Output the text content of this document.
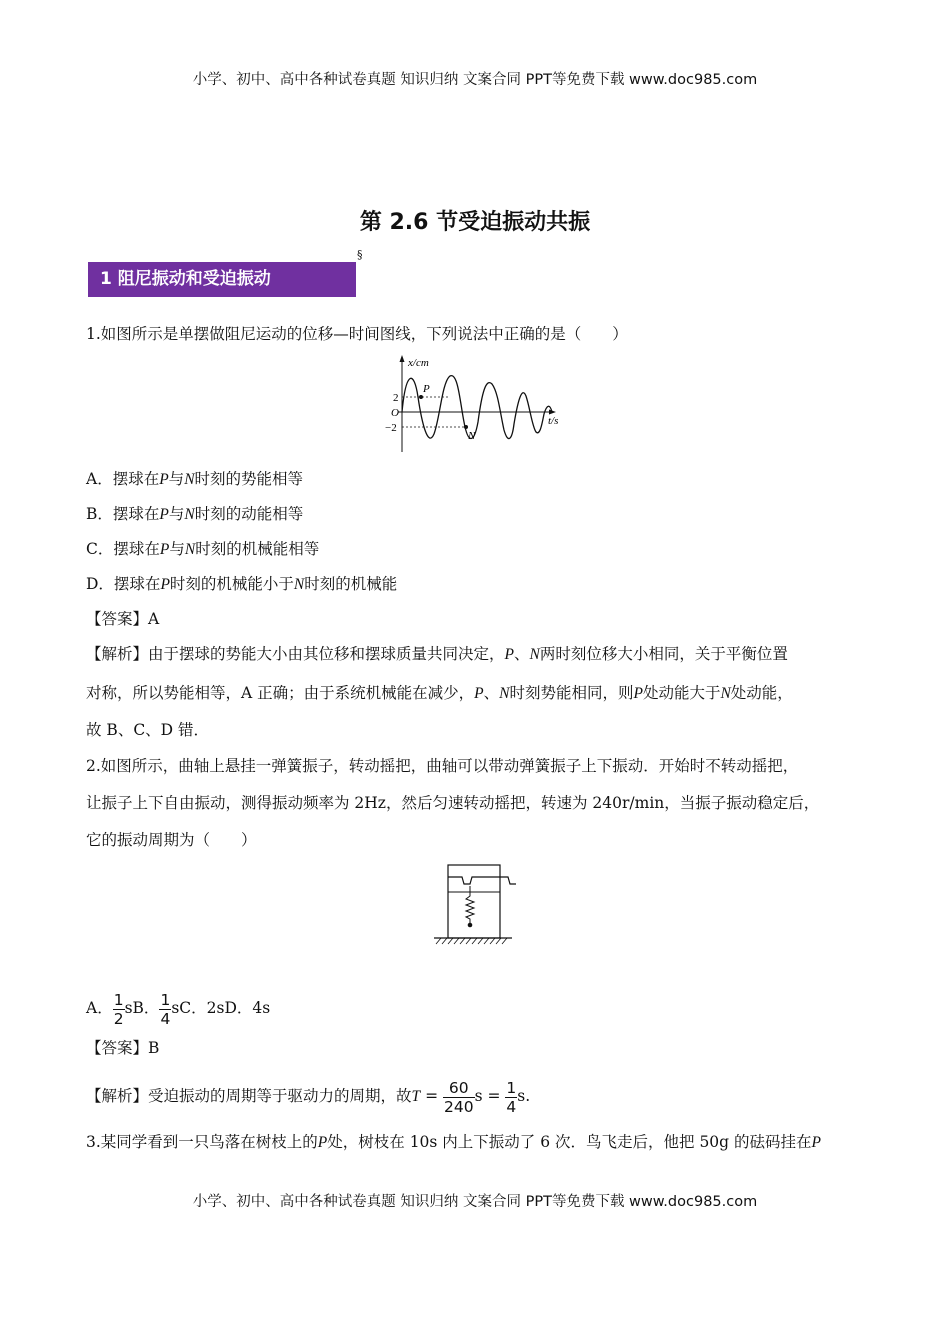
小学、初中、高中各种试卷真题 知识归纳 文案合同 PPT等免费下载 www.doc985.com
第 2.6 节受迫振动共振
§
1 阻尼振动和受迫振动
1.如图所示是单摆做阻尼运动的位移—时间图线，下列说法中正确的是（　　）
x/cm
t/s
O
2
−2
P
N
A．摆球在P与N时刻的势能相等
B．摆球在P与N时刻的动能相等
C．摆球在P与N时刻的机械能相等
D．摆球在P时刻的机械能小于N时刻的机械能
【答案】A
【解析】由于摆球的势能大小由其位移和摆球质量共同决定，P、N两时刻位移大小相同，关于平衡位置
对称，所以势能相等，A 正确；由于系统机械能在减少，P、N时刻势能相同，则P处动能大于N处动能，
故 B、C、D 错．
2.如图所示，曲轴上悬挂一弹簧振子，转动摇把，曲轴可以带动弹簧振子上下振动．开始时不转动摇把，
让振子上下自由振动，测得振动频率为 2Hz，然后匀速转动摇把，转速为 240r/min，当振子振动稳定后，
它的振动周期为（　　）
A． $\frac{1}{2}$ sB． $\frac{1}{4}$ sC．2sD．4s
【答案】B
【解析】受迫振动的周期等于驱动力的周期，故$T = \frac{60}{240}$ $s = \frac{1}{4} s$.
3.某同学看到一只鸟落在树枝上的P处，树枝在 10s 内上下振动了 6 次．鸟飞走后，他把 50g 的砝码挂在P
小学、初中、高中各种试卷真题 知识归纳 文案合同 PPT等免费下载 www.doc985.com
